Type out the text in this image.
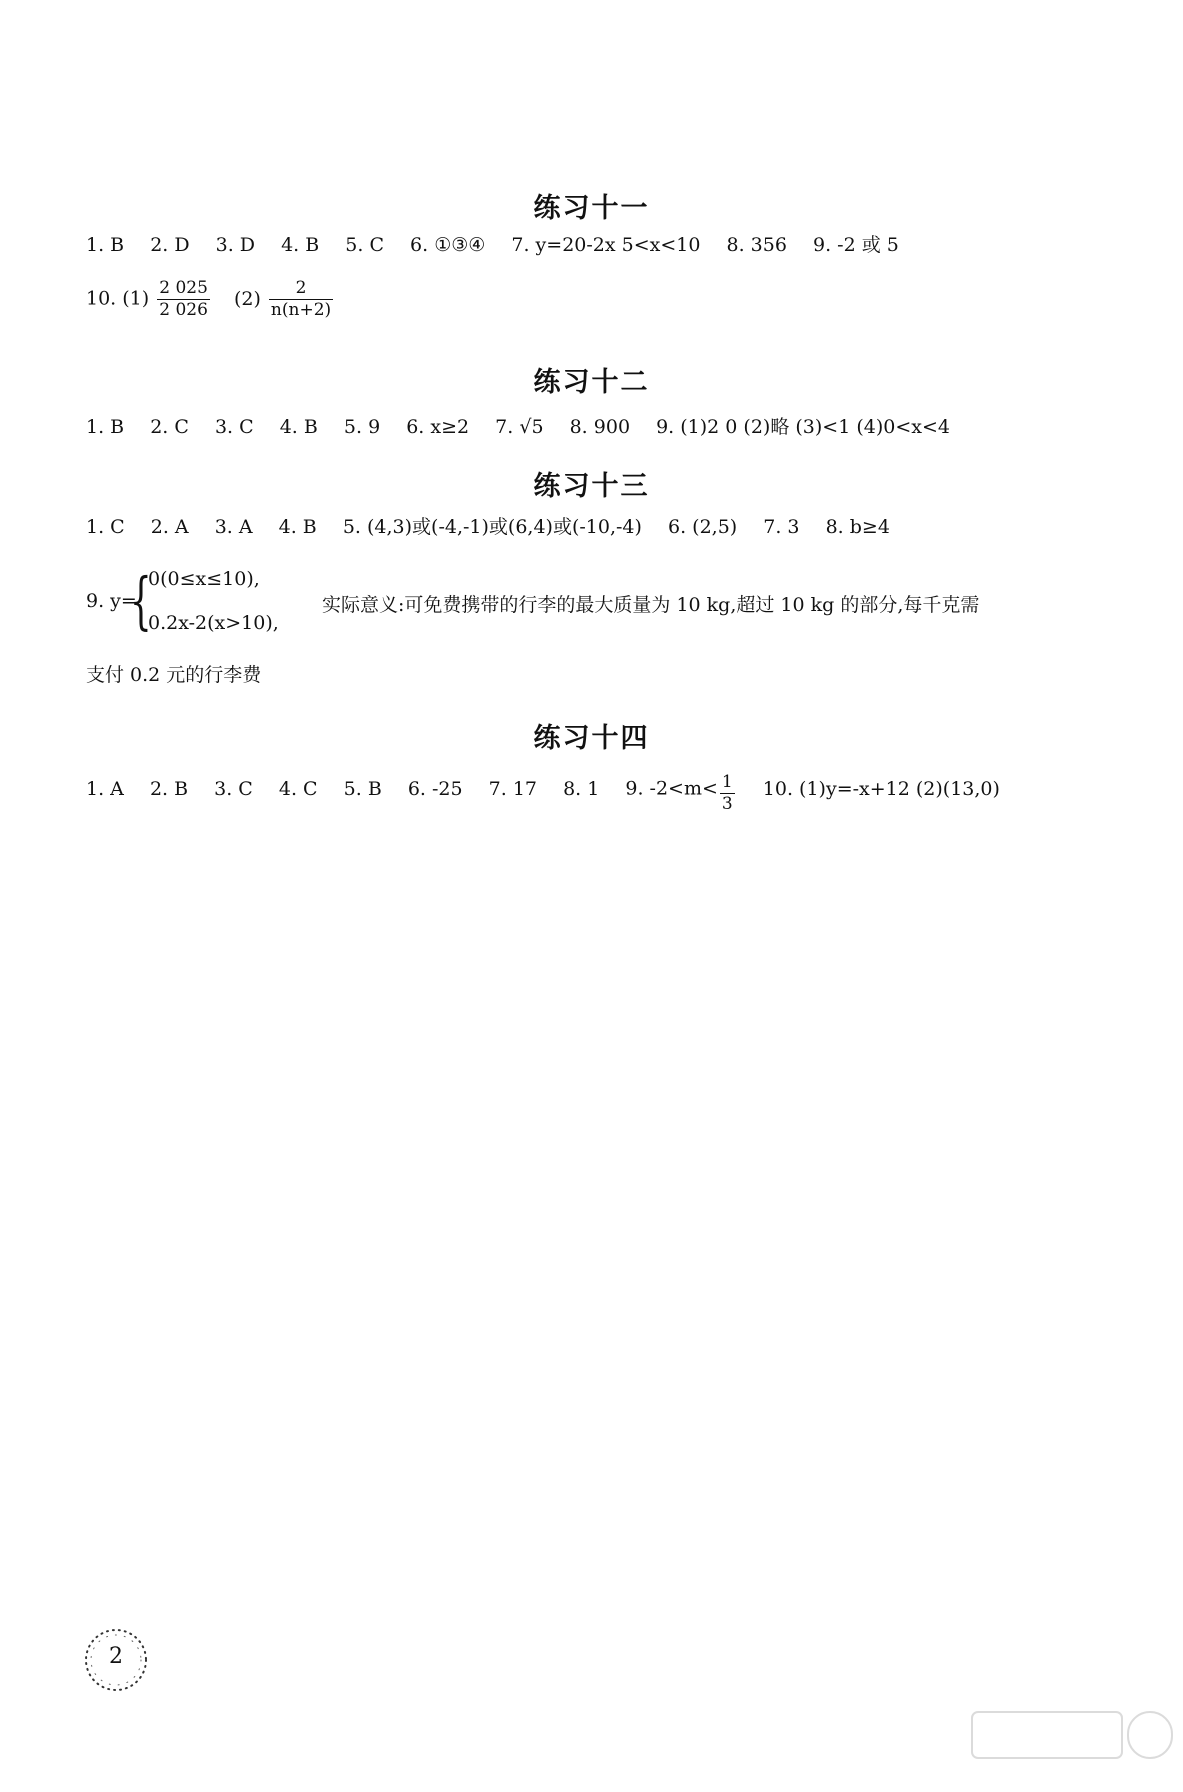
练习十一
1. B 2. D 3. D 4. B 5. C 6. ①③④ 7. y=20-2x 5<x<10 8. 356 9. -2 或 5
10. $(1) \frac{2 025}{2 026} (2) \frac{2}{n(n+2)}$
练习十二
1. B 2. C 3. C 4. B 5. 9 6. x≥2 7. √5 8. 900 9. (1)2 0 (2)略 (3)<1 (4)0<x<4
练习十三
1. C 2. A 3. A 4. B 5. (4,3)或(-4,-1)或(6,4)或(-10,-4) 6. (2,5) 7. 3 8. b≥4
9. y=
{
0(0≤x≤10),
0.2x-2(x>10),
实际意义:可免费携带的行李的最大质量为 10 kg,超过 10 kg 的部分,每千克需
支付 0.2 元的行李费
练习十四
1. A 2. B 3. C 4. C 5. B 6. -25 7. 17 8. 1 9. $-2<m< \frac{1}{3} 10$. (1)y=-x+12 (2)(13,0)
2
